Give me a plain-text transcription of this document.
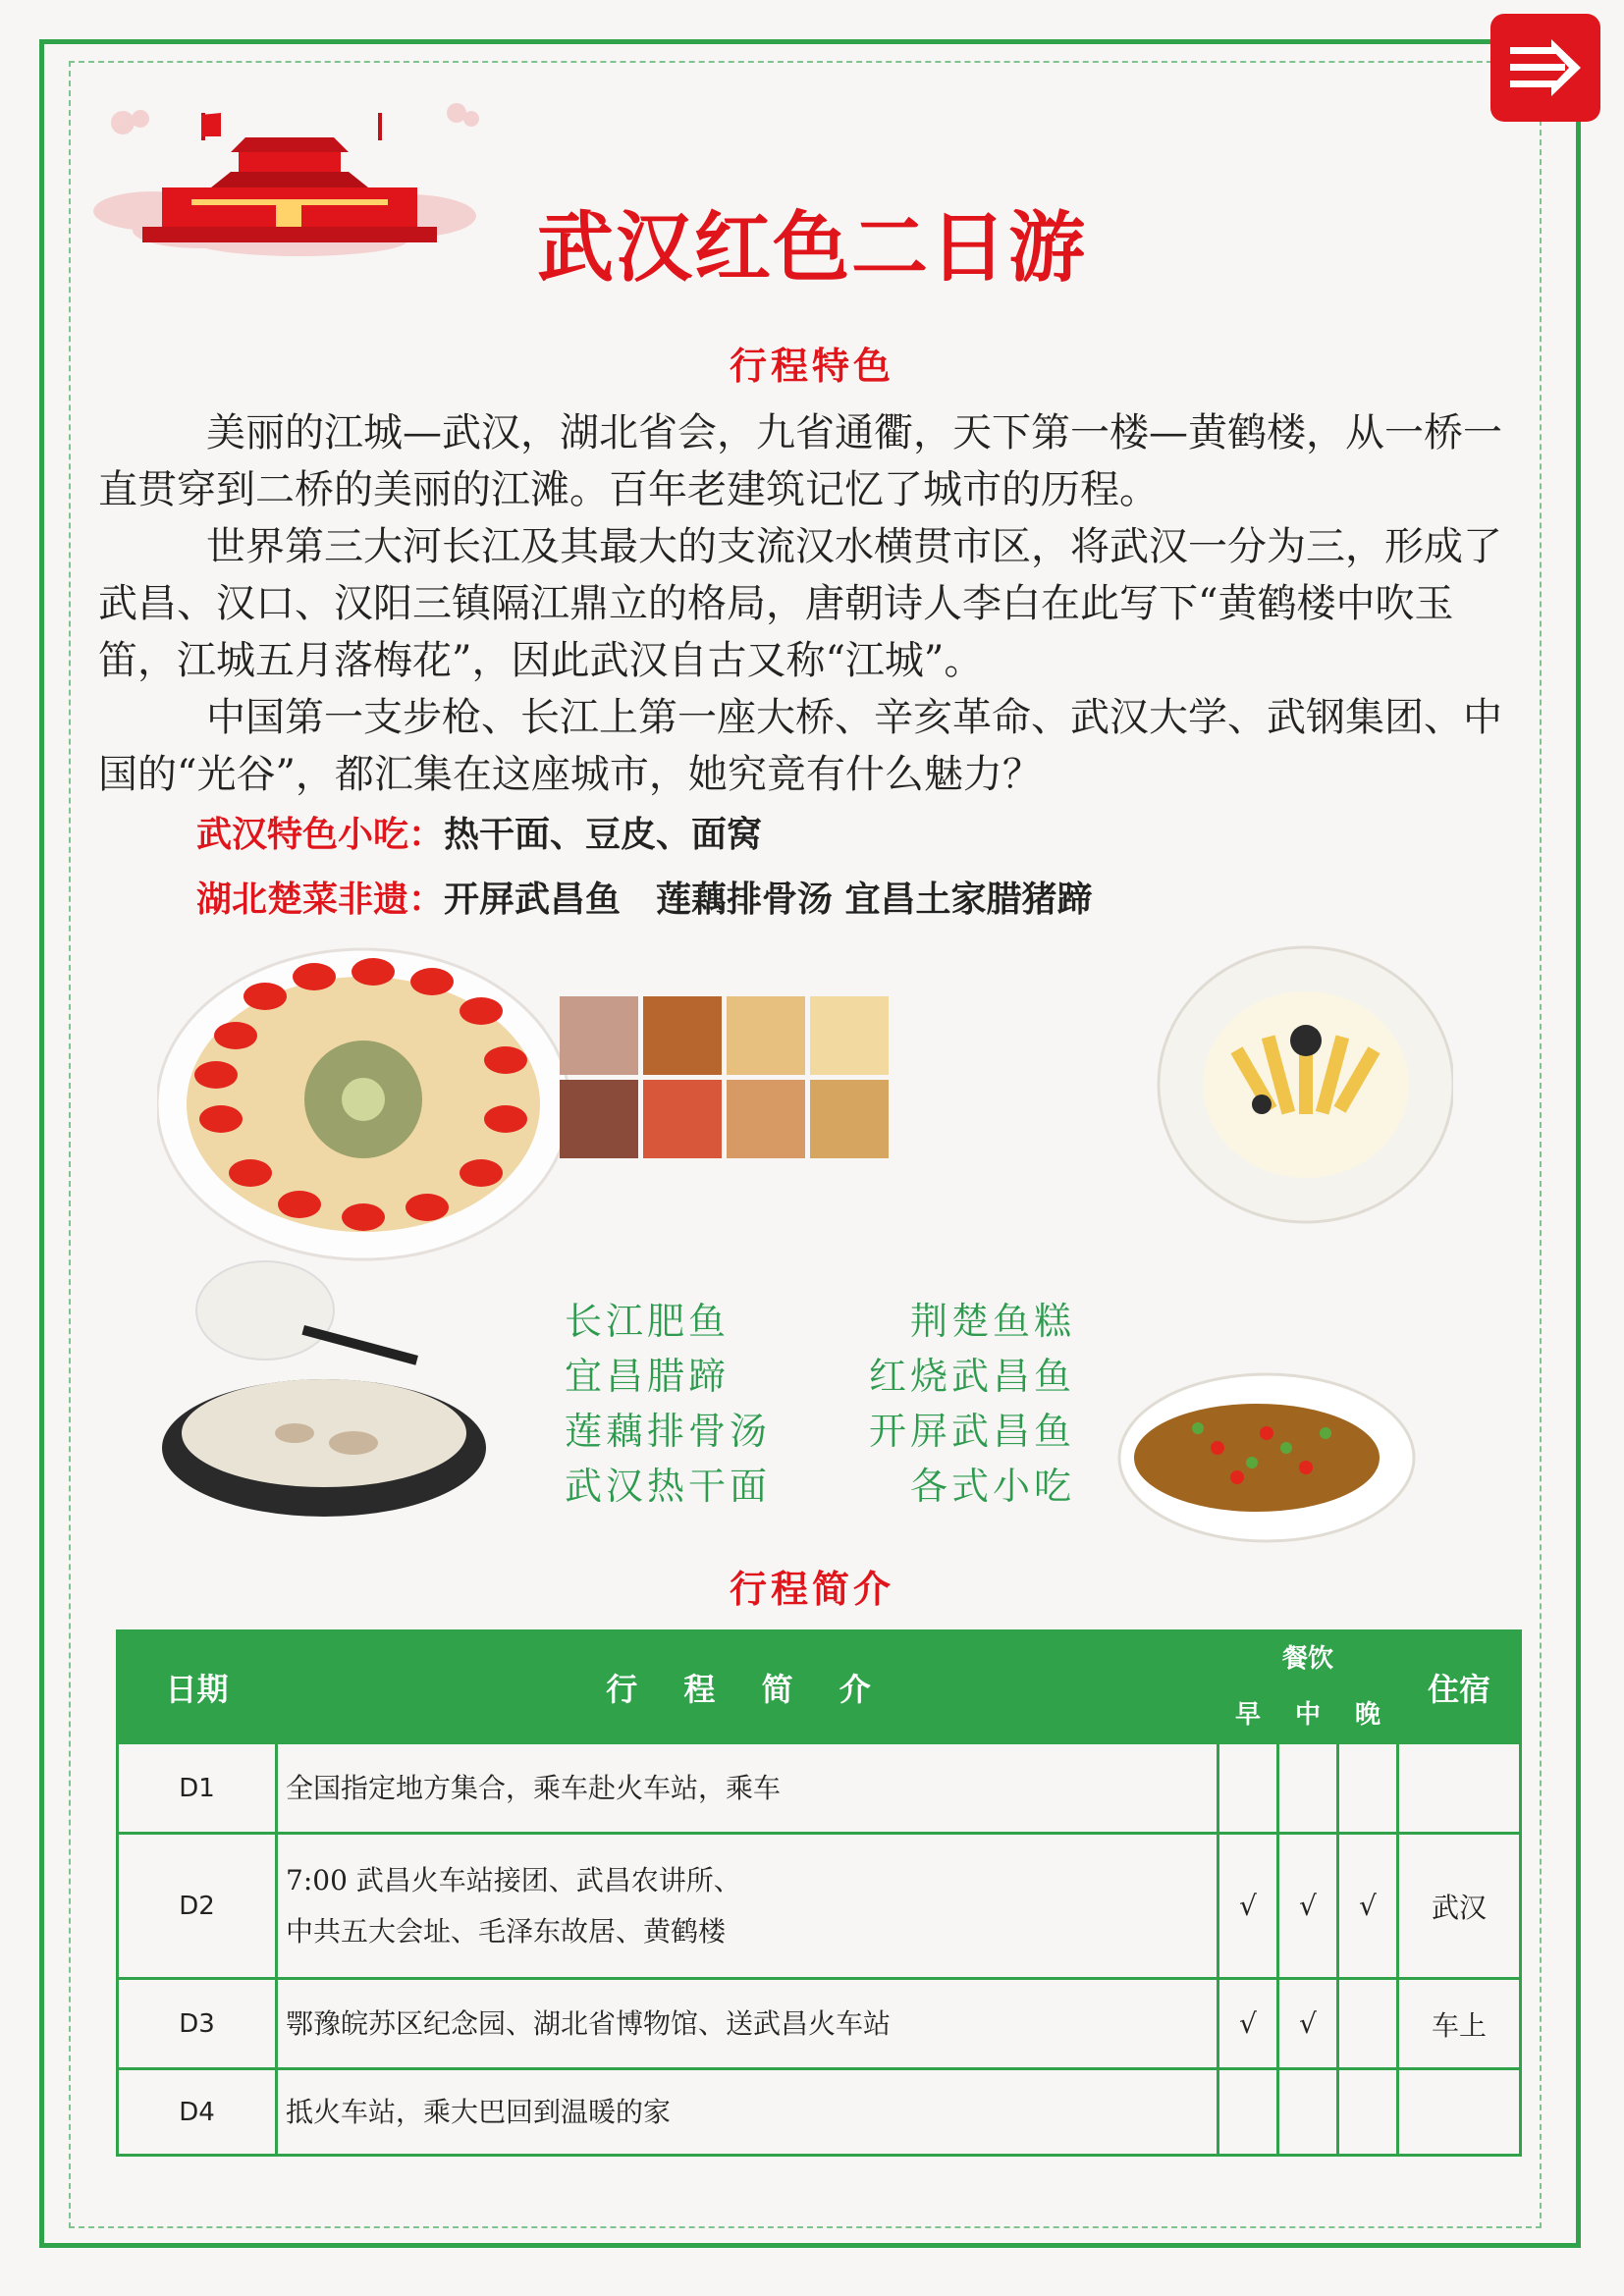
武汉红色二日游
行程特色

美丽的江城—武汉，湖北省会，九省通衢，天下第一楼—黄鹤楼，从一桥一直贯穿到二桥的美丽的江滩。百年老建筑记忆了城市的历程。

世界第三大河长江及其最大的支流汉水横贯市区，将武汉一分为三，形成了武昌、汉口、汉阳三镇隔江鼎立的格局，唐朝诗人李白在此写下“黄鹤楼中吹玉笛，江城五月落梅花”，因此武汉自古又称“江城”。

中国第一支步枪、长江上第一座大桥、辛亥革命、武汉大学、武钢集团、中国的“光谷”，都汇集在这座城市，她究竟有什么魅力？

武汉特色小吃：热干面、豆皮、面窝
湖北楚菜非遗：开屏武昌鱼　莲藕排骨汤 宜昌土家腊猪蹄
长江肥鱼	荆楚鱼糕
宜昌腊蹄	红烧武昌鱼
莲藕排骨汤	开屏武昌鱼
武汉热干面	各式小吃
行程简介
日期	行 程 简 介	餐饮			住宿
		早	中	晚	
D1	全国指定地方集合，乘车赴火车站，乘车				

D2	7:00 武昌火车站接团、武昌农讲所、
中共五大会址、毛泽东故居、黄鹤楼	√	√	√	武汉
D3	鄂豫皖苏区纪念园、湖北省博物馆、送武昌火车站	√	√		车上
D4	抵火车站，乘大巴回到温暖的家				
